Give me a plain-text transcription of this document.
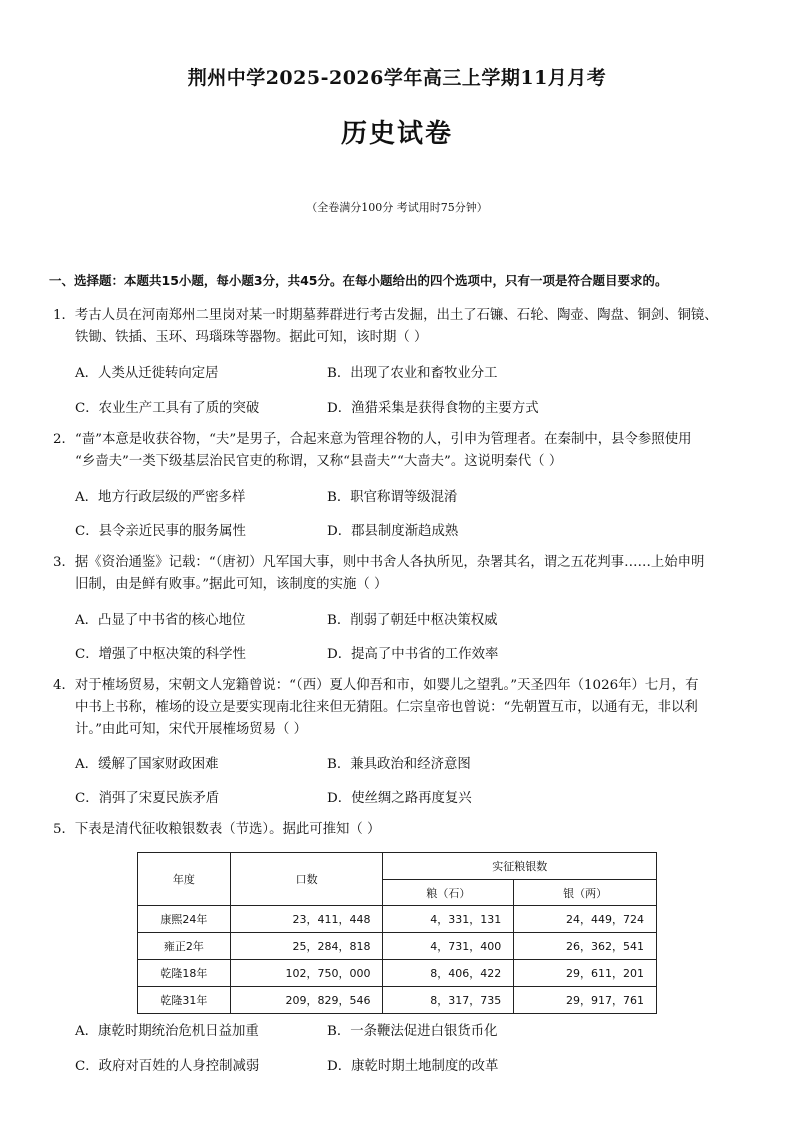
荆州中学2025-2026学年高三上学期11月月考
历史试卷
（全卷满分100分 考试用时75分钟）
一、选择题：本题共15小题，每小题3分，共45分。在每小题给出的四个选项中，只有一项是符合题目要求的。
1．考古人员在河南郑州二里岗对某一时期墓葬群进行考古发掘，出土了石镰、石轮、陶壶、陶盘、铜剑、铜镜、
铁锄、铁插、玉环、玛瑙珠等器物。据此可知，该时期（ ）
A．人类从迁徙转向定居	B．出现了农业和畜牧业分工
C．农业生产工具有了质的突破	D．渔猎采集是获得食物的主要方式
2．“啬”本意是收获谷物，“夫”是男子，合起来意为管理谷物的人，引申为管理者。在秦制中，县令参照使用
“乡啬夫”一类下级基层治民官吏的称谓，又称“县啬夫”“大啬夫”。这说明秦代（ ）
A．地方行政层级的严密多样	B．职官称谓等级混淆
C．县令亲近民事的服务属性	D．郡县制度渐趋成熟
3．据《资治通鉴》记载：“（唐初）凡军国大事，则中书舍人各执所见，杂署其名，谓之五花判事……上始申明
旧制，由是鲜有败事。”据此可知，该制度的实施（ ）
A．凸显了中书省的核心地位	B．削弱了朝廷中枢决策权威
C．增强了中枢决策的科学性	D．提高了中书省的工作效率
4．对于榷场贸易，宋朝文人宠籍曾说：“（西）夏人仰吾和市，如婴儿之望乳。”天圣四年（1026年）七月，有
中书上书称，榷场的设立是要实现南北往来但无猜阻。仁宗皇帝也曾说：“先朝置互市，以通有无，非以利
计。”由此可知，宋代开展榷场贸易（ ）
A．缓解了国家财政困难	B．兼具政治和经济意图
C．消弭了宋夏民族矛盾	D．使丝绸之路再度复兴
5．下表是清代征收粮银数表（节选）。据此可推知（ ）
年度	口数	实征粮银数	
		粮（石）	银（两）
康熙24年	23，411，448	4，331，131	24，449，724
雍正2年	25，284，818	4，731，400	26，362，541
乾隆18年	102，750，000	8，406，422	29，611，201
乾隆31年	209，829，546	8，317，735	29，917，761
A．康乾时期统治危机日益加重	B．一条鞭法促进白银货币化
C．政府对百姓的人身控制减弱	D．康乾时期土地制度的改革
